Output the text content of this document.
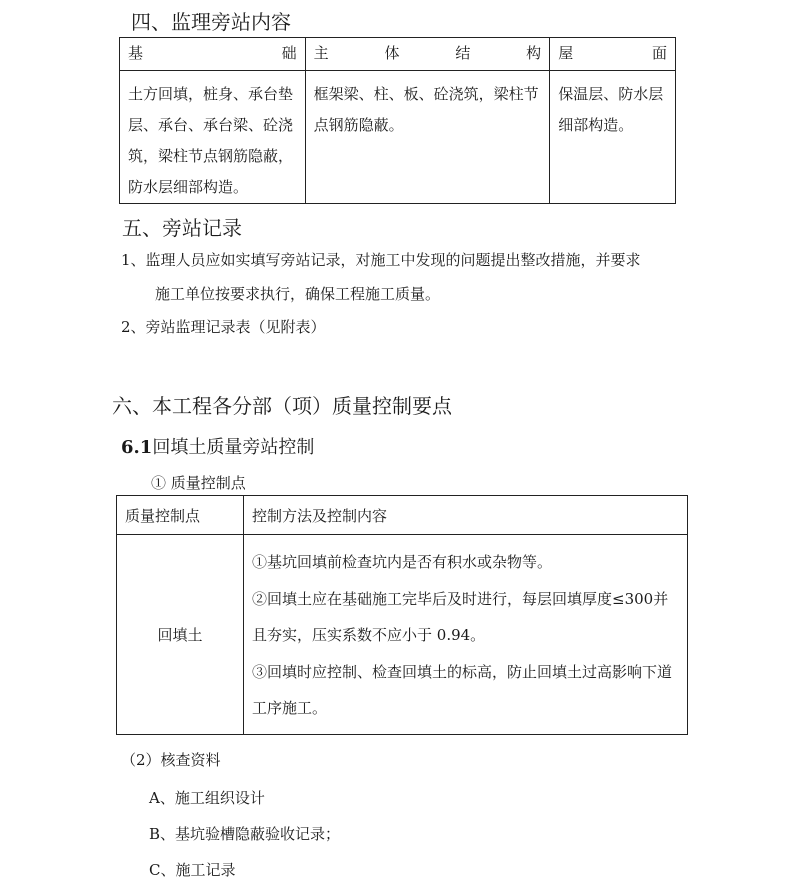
四、监理旁站内容
基 础	主 体 结 构	屋 面

土方回填，桩身、承台垫层、承台、承台梁、砼浇筑，梁柱节点钢筋隐蔽，防水层细部构造。	框架梁、柱、板、砼浇筑，梁柱节点钢筋隐蔽。	保温层、防水层细部构造。
五、旁站记录
1、监理人员应如实填写旁站记录，对施工中发现的问题提出整改措施，并要求
施工单位按要求执行，确保工程施工质量。
2、旁站监理记录表（见附表）
六、本工程各分部（项）质量控制要点
6.1回填土质量旁站控制
① 质量控制点
质量控制点	控制方法及控制内容
回填土	①基坑回填前检查坑内是否有积水或杂物等。
②回填土应在基础施工完毕后及时进行，每层回填厚度≤300并且夯实，压实系数不应小于 0.94。
③回填时应控制、检查回填土的标高，防止回填土过高影响下道工序施工。
（2）核查资料
A、施工组织设计
B、基坑验槽隐蔽验收记录；
C、施工记录
